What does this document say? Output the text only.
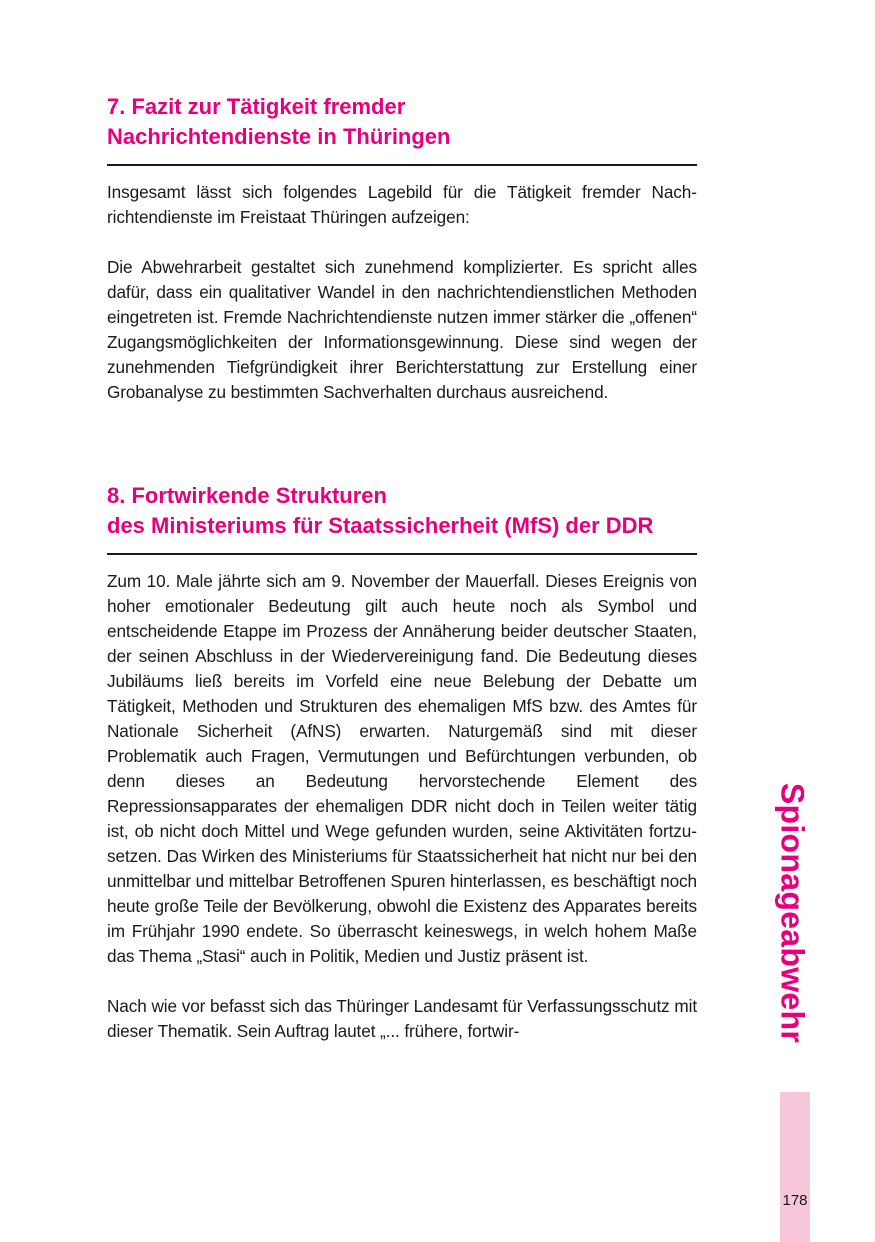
7. Fazit zur Tätigkeit fremder
Nachrichtendienste in Thüringen

Insgesamt lässt sich folgendes Lagebild für die Tätigkeit fremder Nachrichtendienste im Freistaat Thüringen aufzeigen:

Die Abwehrarbeit gestaltet sich zunehmend komplizierter. Es spricht alles dafür, dass ein qualitativer Wandel in den nachrichtendienstlichen Methoden eingetreten ist. Fremde Nachrichtendienste nutzen immer stärker die „offenen“ Zugangsmöglichkeiten der Informationsgewinnung. Diese sind wegen der zunehmenden Tiefgründigkeit ihrer Berichterstattung zur Erstellung einer Grobanalyse zu bestimmten Sachverhalten durchaus ausreichend.

8. Fortwirkende Strukturen
des Ministeriums für Staatssicherheit (MfS) der DDR

Zum 10. Male jährte sich am 9. November der Mauerfall. Dieses Ereignis von hoher emotionaler Bedeutung gilt auch heute noch als Symbol und entscheidende Etappe im Prozess der Annäherung beider deutscher Staaten, der seinen Abschluss in der Wiedervereinigung fand. Die Bedeutung dieses Jubiläums ließ bereits im Vorfeld eine neue Belebung der Debatte um Tätigkeit, Methoden und Strukturen des ehemaligen MfS bzw. des Amtes für Nationale Sicherheit (AfNS) erwarten. Naturgemäß sind mit dieser Problematik auch Fragen, Vermutungen und Befürchtungen verbunden, ob denn dieses an Bedeutung hervorstechende Element des Repressionsapparates der ehemaligen DDR nicht doch in Teilen weiter tätig ist, ob nicht doch Mittel und Wege gefunden wurden, seine Aktivitäten fortzusetzen. Das Wirken des Ministeriums für Staatssicherheit hat nicht nur bei den unmittelbar und mittelbar Betroffenen Spuren hinterlassen, es beschäftigt noch heute große Teile der Bevölkerung, obwohl die Existenz des Apparates bereits im Frühjahr 1990 endete. So überrascht keineswegs, in welch hohem Maße das Thema „Stasi“ auch in Politik, Medien und Justiz präsent ist.

Nach wie vor befasst sich das Thüringer Landesamt für Verfassungsschutz mit dieser Thematik. Sein Auftrag lautet „... frühere, fortwir-	Spionageabwehr
178
